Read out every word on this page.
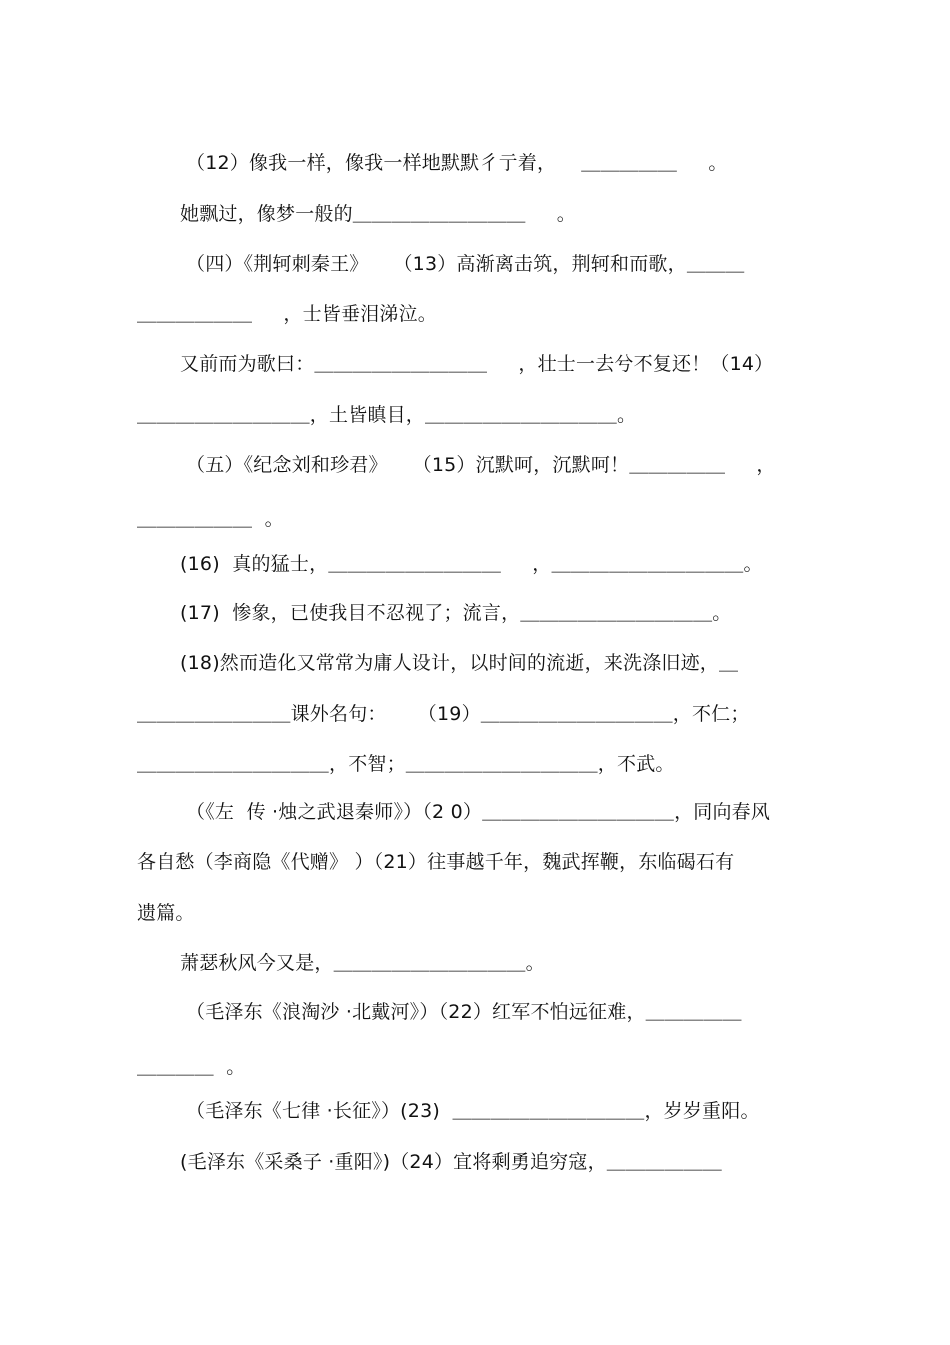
（12）像我一样，像我一样地默默彳亍着，    ＿＿＿＿＿     。
她飘过，像梦一般的＿＿＿＿＿＿＿＿＿     。
（四）《荆轲刺秦王》    （13）高渐离击筑，荆轲和而歌，＿＿＿
＿＿＿＿＿＿     ，士皆垂泪涕泣。
又前而为歌曰：＿＿＿＿＿＿＿＿＿     ，壮士一去兮不复还！（14）
＿＿＿＿＿＿＿＿＿，土皆瞋目，＿＿＿＿＿＿＿＿＿＿。
（五）《纪念刘和珍君》    （15）沉默呵，沉默呵！＿＿＿＿＿     ，
＿＿＿＿＿＿  。
(16)  真的猛士，＿＿＿＿＿＿＿＿＿     ，＿＿＿＿＿＿＿＿＿＿。
(17)  惨象，已使我目不忍视了；流言，＿＿＿＿＿＿＿＿＿＿。
(18)然而造化又常常为庸人设计，以时间的流逝，来洗涤旧迹，＿
＿＿＿＿＿＿＿＿课外名句：     （19）＿＿＿＿＿＿＿＿＿＿，不仁；
＿＿＿＿＿＿＿＿＿＿，不智；＿＿＿＿＿＿＿＿＿＿，不武。
（《左  传 ·烛之武退秦师》）（2 0）＿＿＿＿＿＿＿＿＿＿，同向春风
各自愁（李商隐《代赠》 ）（21）往事越千年，魏武挥鞭，东临碣石有
遗篇。
萧瑟秋风今又是，＿＿＿＿＿＿＿＿＿＿。
（毛泽东《浪淘沙 ·北戴河》）（22）红军不怕远征难，＿＿＿＿＿
＿＿＿＿  。
（毛泽东《七律 ·长征》）(23)  ＿＿＿＿＿＿＿＿＿＿，岁岁重阳。
(毛泽东《采桑子 ·重阳》)（24）宜将剩勇追穷寇，＿＿＿＿＿＿
